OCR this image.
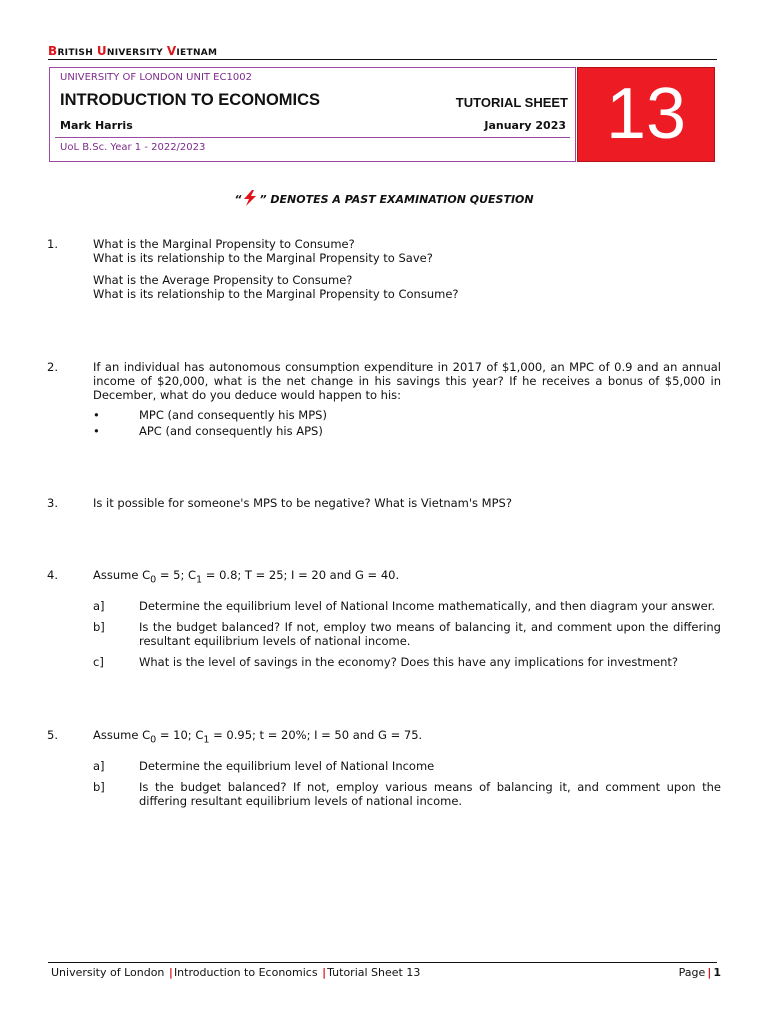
BRITISH UNIVERSITY VIETNAM
UNIVERSITY OF LONDON UNIT EC1002
INTRODUCTION TO ECONOMICS
Mark Harris
UoL B.Sc. Year 1 - 2022/2023
TUTORIAL SHEET
January 2023 13
“ ” DENOTES A PAST EXAMINATION QUESTION
1.	What is the Marginal Propensity to Consume?
What is its relationship to the Marginal Propensity to Save?
What is the Average Propensity to Consume?
What is its relationship to the Marginal Propensity to Consume?
2.	If an individual has autonomous consumption expenditure in 2017 of $1,000, an MPC of 0.9 and an annual income of $20,000, what is the net change in his savings this year? If he receives a bonus of $5,000 in December, what do you deduce would happen to his:
•	MPC (and consequently his MPS)
•	APC (and consequently his APS)
3.	Is it possible for someone's MPS to be negative? What is Vietnam's MPS?
4.	Assume $C_0 = 5$; $C_1 = 0.8$; T = 25; I = 20 and G = 40.
a]	Determine the equilibrium level of National Income mathematically, and then diagram your answer.
b]	Is the budget balanced? If not, employ two means of balancing it, and comment upon the differing resultant equilibrium levels of national income.
c]	What is the level of savings in the economy? Does this have any implications for investment?
5.	Assume $C_0 = 10$; $C_1 = 0.95$; t = 20%; I = 50 and G = 75.
a]	Determine the equilibrium level of National Income
b]	Is the budget balanced? If not, employ various means of balancing it, and comment upon the differing resultant equilibrium levels of national income.
University of London |Introduction to Economics |Tutorial Sheet 13	Page | 1
